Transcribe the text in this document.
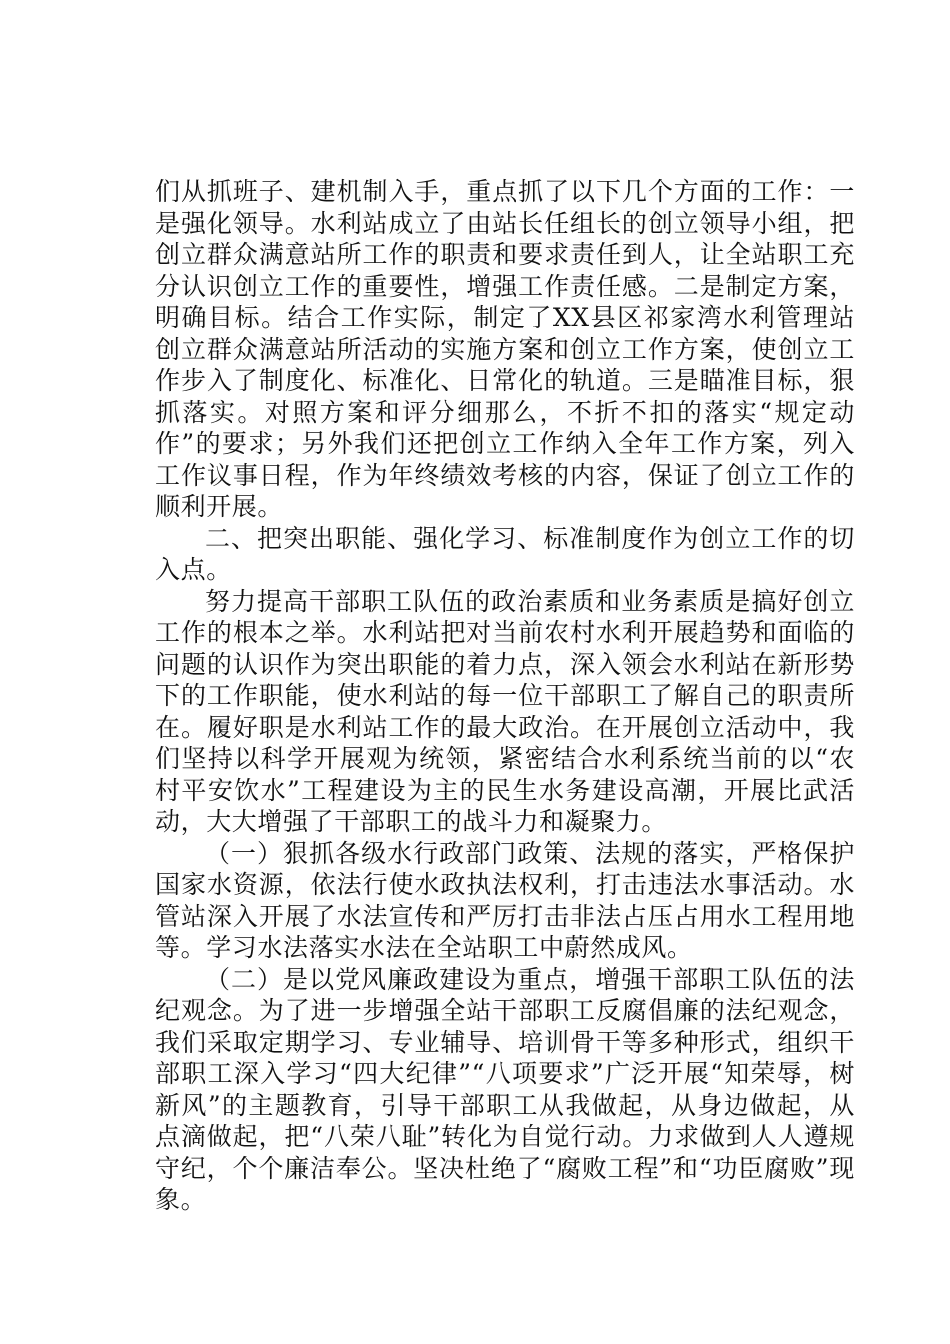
们从抓班子、建机制入手，重点抓了以下几个方面的工作：一是强化领导。水利站成立了由站长任组长的创立领导小组，把创立群众满意站所工作的职责和要求责任到人，让全站职工充分认识创立工作的重要性，增强工作责任感。二是制定方案，明确目标。结合工作实际，制定了XX县区祁家湾水利管理站创立群众满意站所活动的实施方案和创立工作方案，使创立工作步入了制度化、标准化、日常化的轨道。三是瞄准目标，狠抓落实。对照方案和评分细那么，不折不扣的落实“规定动作”的要求；另外我们还把创立工作纳入全年工作方案，列入工作议事日程，作为年终绩效考核的内容，保证了创立工作的顺利开展。

二、把突出职能、强化学习、标准制度作为创立工作的切入点。

努力提高干部职工队伍的政治素质和业务素质是搞好创立工作的根本之举。水利站把对当前农村水利开展趋势和面临的问题的认识作为突出职能的着力点，深入领会水利站在新形势下的工作职能，使水利站的每一位干部职工了解自己的职责所在。履好职是水利站工作的最大政治。在开展创立活动中，我们坚持以科学开展观为统领，紧密结合水利系统当前的以“农村平安饮水”工程建设为主的民生水务建设高潮，开展比武活动，大大增强了干部职工的战斗力和凝聚力。

（一）狠抓各级水行政部门政策、法规的落实，严格保护国家水资源，依法行使水政执法权利，打击违法水事活动。水管站深入开展了水法宣传和严厉打击非法占压占用水工程用地等。学习水法落实水法在全站职工中蔚然成风。

（二）是以党风廉政建设为重点，增强干部职工队伍的法纪观念。为了进一步增强全站干部职工反腐倡廉的法纪观念，我们采取定期学习、专业辅导、培训骨干等多种形式，组织干部职工深入学习“四大纪律”“八项要求”广泛开展“知荣辱，树新风”的主题教育，引导干部职工从我做起，从身边做起，从点滴做起，把“八荣八耻”转化为自觉行动。力求做到人人遵规守纪，个个廉洁奉公。坚决杜绝了“腐败工程”和“功臣腐败”现象。
